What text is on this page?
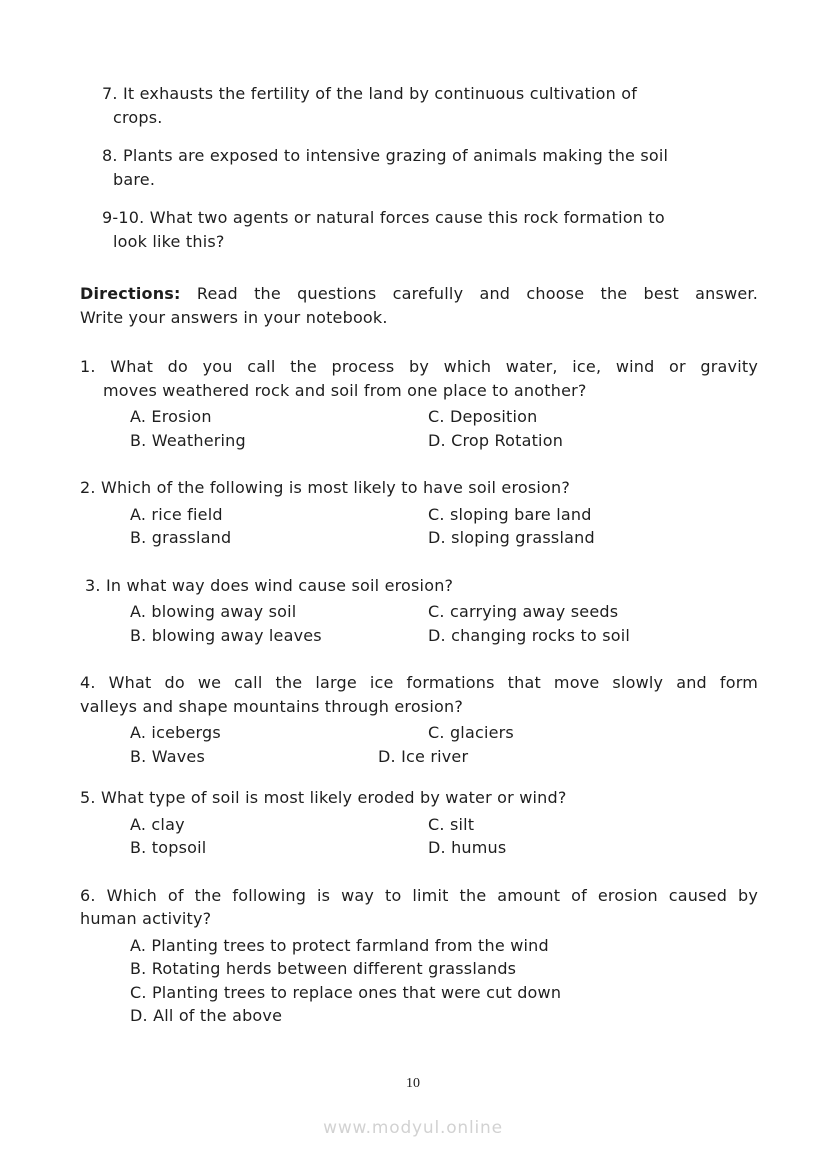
7. It exhausts the fertility of the land by continuous cultivation of
crops.
8. Plants are exposed to intensive grazing of animals making the soil
bare.
9-10. What two agents or natural forces cause this rock formation to
look like this?
Directions: Read the questions carefully and choose the best answer.
Write your answers in your notebook.
1. What do you call the process by which water, ice, wind or gravity
moves weathered rock and soil from one place to another?
A. Erosion	C. Deposition
B. Weathering	D. Crop Rotation
2. Which of the following is most likely to have soil erosion?
A. rice field	C. sloping bare land
B. grassland	D. sloping grassland
3. In what way does wind cause soil erosion?
A. blowing away soil	C. carrying away seeds
B. blowing away leaves	D. changing rocks to soil
4. What do we call the large ice formations that move slowly and form
valleys and shape mountains through erosion?
A. icebergs	C. glaciers
B. Waves	D. Ice river
5. What type of soil is most likely eroded by water or wind?
A. clay	C. silt
B. topsoil	D. humus
6. Which of the following is way to limit the amount of erosion caused by
human activity?
A. Planting trees to protect farmland from the wind
B. Rotating herds between different grasslands
C. Planting trees to replace ones that were cut down
D. All of the above
10
www.modyul.online
